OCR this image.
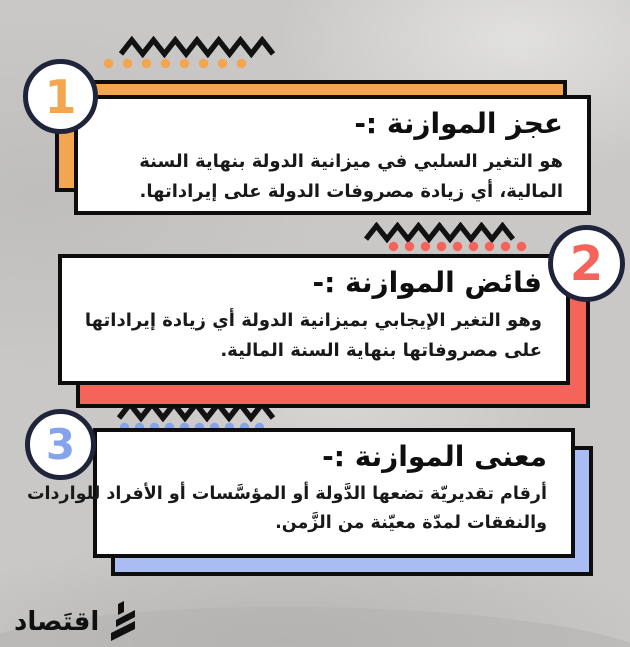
عجز الموازنة :-

هو التغير السلبي في ميزانية الدولة بنهاية السنة
المالية، أي زيادة مصروفات الدولة على إيراداتها.

1
فائض الموازنة :-

وهو التغير الإيجابي بميزانية الدولة أي زيادة إيراداتها
على مصروفاتها بنهاية السنة المالية.

2
معنى الموازنة :-

أرقام تقديريّة تضعها الدَّولة أو المؤسَّسات أو الأفراد للواردات
والنفقات لمدّة معيّنة من الزَّمن.

3
اقتَصاد
